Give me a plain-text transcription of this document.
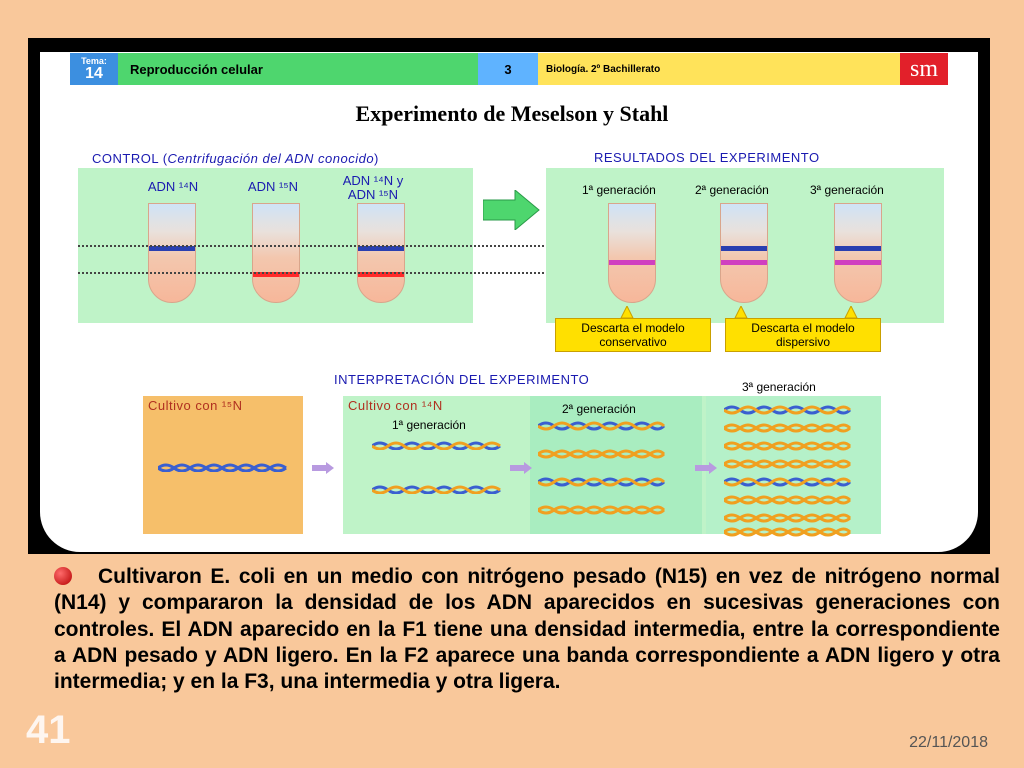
Tema:
14	Reproducción celular	3	Biología. 2º Bachillerato	sm
Experimento de Meselson y Stahl
CONTROL (Centrifugación del ADN conocido)
ADN ¹⁴N	ADN ¹⁵N	ADN ¹⁴N y ADN ¹⁵N
RESULTADOS DEL EXPERIMENTO
1ª generación	2ª generación	3ª generación
Descarta el modelo conservativo
Descarta el modelo dispersivo
INTERPRETACIÓN DEL EXPERIMENTO	3ª generación
Cultivo con ¹⁵N	Cultivo con ¹⁴N
1ª generación
2ª generación
Cultivaron E. coli en un medio con nitrógeno pesado (N15) en vez de nitrógeno normal (N14) y compararon la densidad de los ADN aparecidos en sucesivas generaciones con controles. El ADN aparecido en la F1 tiene una densidad intermedia, entre la correspondiente a ADN pesado y ADN ligero. En la F2 aparece una banda correspondiente a ADN ligero y otra intermedia; y en la F3, una intermedia y otra ligera.
41	22/11/2018
